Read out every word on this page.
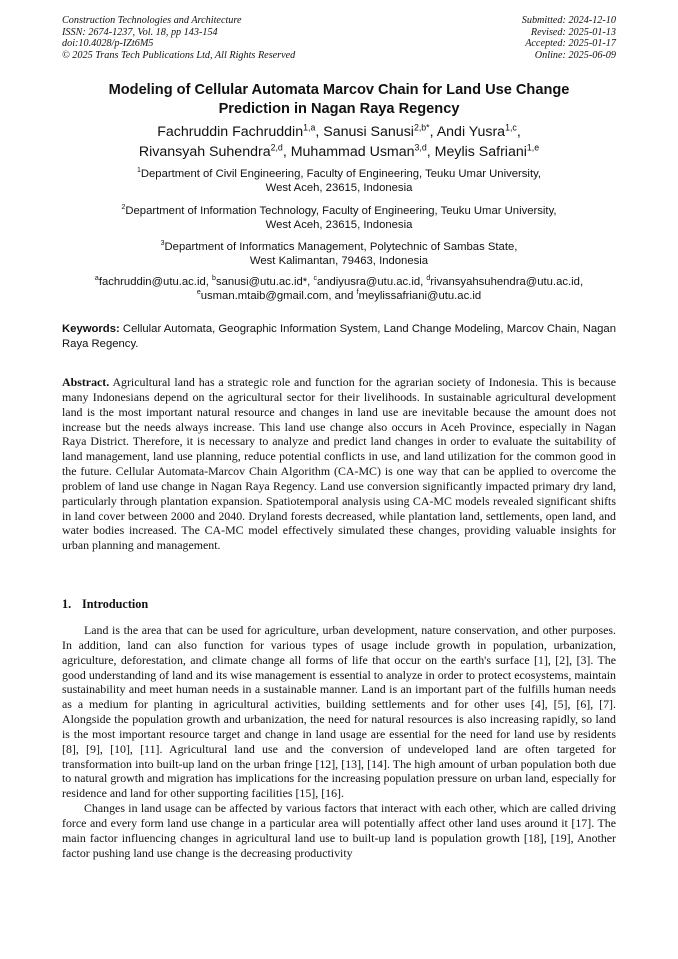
Construction Technologies and Architecture
ISSN: 2674-1237, Vol. 18, pp 143-154
doi:10.4028/p-IZt6M5
© 2025 Trans Tech Publications Ltd, All Rights Reserved
Submitted: 2024-12-10
Revised: 2025-01-13
Accepted: 2025-01-17
Online: 2025-06-09
Modeling of Cellular Automata Marcov Chain for Land Use Change
Prediction in Nagan Raya Regency
Fachruddin Fachruddin$^{1,a}$, Sanusi Sanusi$^{2,b*}$, Andi Yusra$^{1,c}$,
Rivansyah Suhendra$^{2,d}$, Muhammad Usman$^{3,d}$, Meylis Safriani$^{1,e}$
$^1$Department of Civil Engineering, Faculty of Engineering, Teuku Umar University,
West Aceh, 23615, Indonesia
$^2$Department of Information Technology, Faculty of Engineering, Teuku Umar University,
West Aceh, 23615, Indonesia
$^3$Department of Informatics Management, Polytechnic of Sambas State,
West Kalimantan, 79463, Indonesia
$^a$fachruddin@utu.ac.id, $^b$sanusi@utu.ac.id*, $^c$andiyusra@utu.ac.id, $^d$rivansyahsuhendra@utu.ac.id,
$^e$usman.mtaib@gmail.com, and $^f$meylissafriani@utu.ac.id
Keywords: Cellular Automata, Geographic Information System, Land Change Modeling, Marcov Chain, Nagan Raya Regency.
Abstract. Agricultural land has a strategic role and function for the agrarian society of Indonesia. This is because many Indonesians depend on the agricultural sector for their livelihoods. In sustainable agricultural development land is the most important natural resource and changes in land use are inevitable because the amount does not increase but the needs always increase. This land use change also occurs in Aceh Province, especially in Nagan Raya District. Therefore, it is necessary to analyze and predict land changes in order to evaluate the suitability of land management, land use planning, reduce potential conflicts in use, and land utilization for the common good in the future. Cellular Automata-Marcov Chain Algorithm (CA-MC) is one way that can be applied to overcome the problem of land use change in Nagan Raya Regency. Land use conversion significantly impacted primary dry land, particularly through plantation expansion. Spatiotemporal analysis using CA-MC models revealed significant shifts in land cover between 2000 and 2040. Dryland forests decreased, while plantation land, settlements, open land, and water bodies increased. The CA-MC model effectively simulated these changes, providing valuable insights for urban planning and management.
1. Introduction

Land is the area that can be used for agriculture, urban development, nature conservation, and other purposes. In addition, land can also function for various types of usage include growth in population, urbanization, agriculture, deforestation, and climate change all forms of life that occur on the earth's surface [1], [2], [3]. The good understanding of land and its wise management is essential to analyze in order to protect ecosystems, maintain sustainability and meet human needs in a sustainable manner. Land is an important part of the fulfills human needs as a medium for planting in agricultural activities, building settlements and for other uses [4], [5], [6], [7]. Alongside the population growth and urbanization, the need for natural resources is also increasing rapidly, so land is the most important resource target and change in land usage are essential for the need for land use by residents [8], [9], [10], [11]. Agricultural land use and the conversion of undeveloped land are often targeted for transformation into built-up land on the urban fringe [12], [13], [14]. The high amount of urban population both due to natural growth and migration has implications for the increasing population pressure on urban land, especially for residence and land for other supporting facilities [15], [16].

Changes in land usage can be affected by various factors that interact with each other, which are called driving force and every form land use change in a particular area will potentially affect other land uses around it [17]. The main factor influencing changes in agricultural land use to built-up land is population growth [18], [19], Another factor pushing land use change is the decreasing productivity
